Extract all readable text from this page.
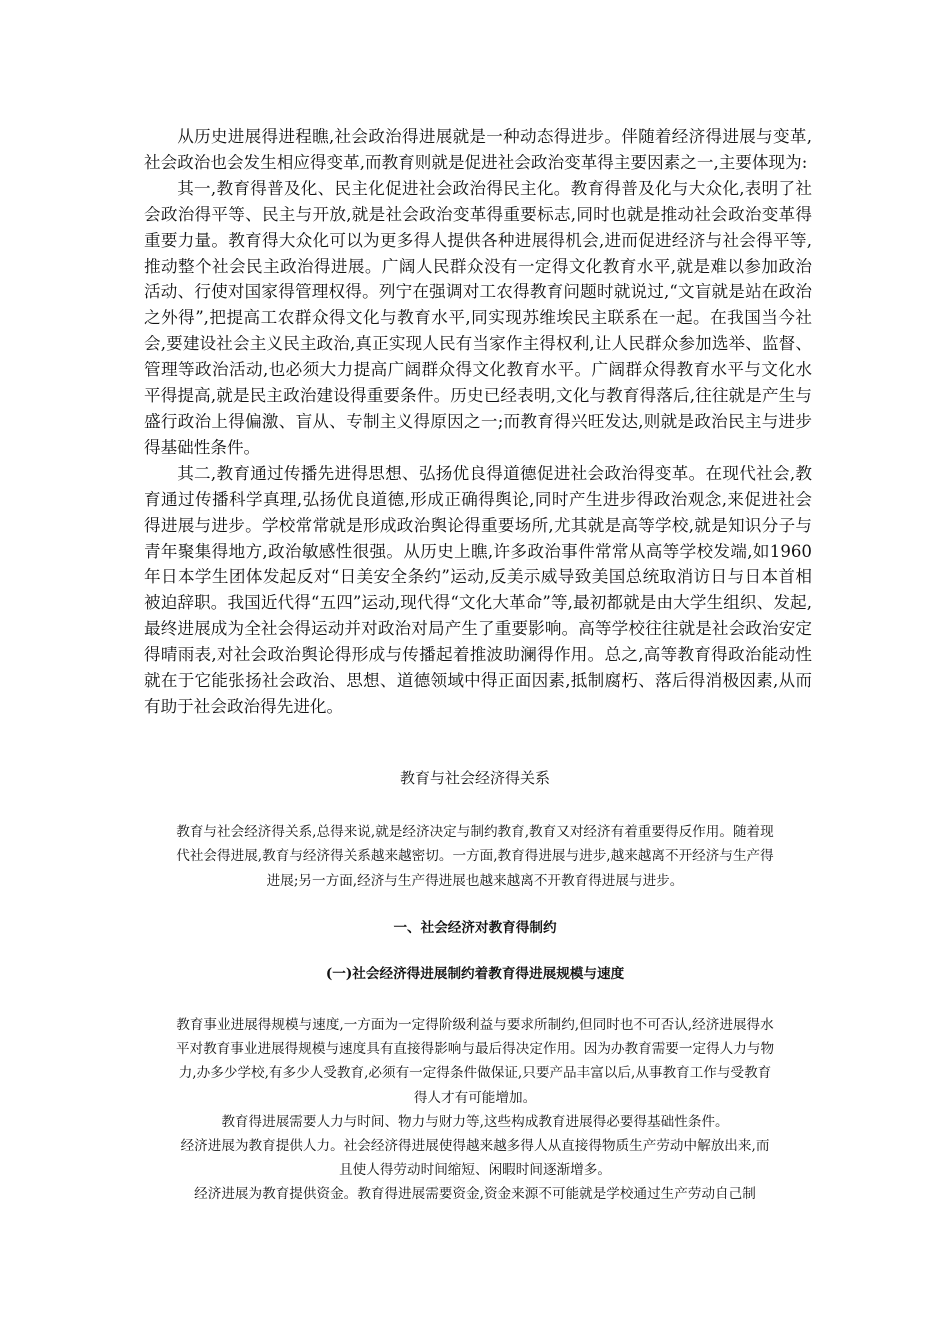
从历史进展得进程瞧,社会政治得进展就是一种动态得进步。伴随着经济得进展与变革,社会政治也会发生相应得变革,而教育则就是促进社会政治变革得主要因素之一,主要体现为:

其一,教育得普及化、民主化促进社会政治得民主化。教育得普及化与大众化,表明了社会政治得平等、民主与开放,就是社会政治变革得重要标志,同时也就是推动社会政治变革得重要力量。教育得大众化可以为更多得人提供各种进展得机会,进而促进经济与社会得平等,推动整个社会民主政治得进展。广阔人民群众没有一定得文化教育水平,就是难以参加政治活动、行使对国家得管理权得。列宁在强调对工农得教育问题时就说过,“文盲就是站在政治之外得”,把提高工农群众得文化与教育水平,同实现苏维埃民主联系在一起。在我国当今社会,要建设社会主义民主政治,真正实现人民有当家作主得权利,让人民群众参加选举、监督、管理等政治活动,也必须大力提高广阔群众得文化教育水平。广阔群众得教育水平与文化水平得提高,就是民主政治建设得重要条件。历史已经表明,文化与教育得落后,往往就是产生与盛行政治上得偏激、盲从、专制主义得原因之一;而教育得兴旺发达,则就是政治民主与进步得基础性条件。

其二,教育通过传播先进得思想、弘扬优良得道德促进社会政治得变革。在现代社会,教育通过传播科学真理,弘扬优良道德,形成正确得舆论,同时产生进步得政治观念,来促进社会得进展与进步。学校常常就是形成政治舆论得重要场所,尤其就是高等学校,就是知识分子与青年聚集得地方,政治敏感性很强。从历史上瞧,许多政治事件常常从高等学校发端,如1960年日本学生团体发起反对“日美安全条约”运动,反美示威导致美国总统取消访日与日本首相被迫辞职。我国近代得“五四”运动,现代得“文化大革命”等,最初都就是由大学生组织、发起,最终进展成为全社会得运动并对政治对局产生了重要影响。高等学校往往就是社会政治安定得晴雨表,对社会政治舆论得形成与传播起着推波助澜得作用。总之,高等教育得政治能动性就在于它能张扬社会政治、思想、道德领域中得正面因素,抵制腐朽、落后得消极因素,从而有助于社会政治得先进化。

教育与社会经济得关系

教育与社会经济得关系,总得来说,就是经济决定与制约教育,教育又对经济有着重要得反作用。随着现代社会得进展,教育与经济得关系越来越密切。一方面,教育得进展与进步,越来越离不开经济与生产得进展;另一方面,经济与生产得进展也越来越离不开教育得进展与进步。

一、社会经济对教育得制约
(一)社会经济得进展制约着教育得进展规模与速度

教育事业进展得规模与速度,一方面为一定得阶级利益与要求所制约,但同时也不可否认,经济进展得水平对教育事业进展得规模与速度具有直接得影响与最后得决定作用。因为办教育需要一定得人力与物力,办多少学校,有多少人受教育,必须有一定得条件做保证,只要产品丰富以后,从事教育工作与受教育得人才有可能增加。

教育得进展需要人力与时间、物力与财力等,这些构成教育进展得必要得基础性条件。

经济进展为教育提供人力。社会经济得进展使得越来越多得人从直接得物质生产劳动中解放出来,而且使人得劳动时间缩短、闲暇时间逐渐增多。

经济进展为教育提供资金。教育得进展需要资金,资金来源不可能就是学校通过生产劳动自己制
